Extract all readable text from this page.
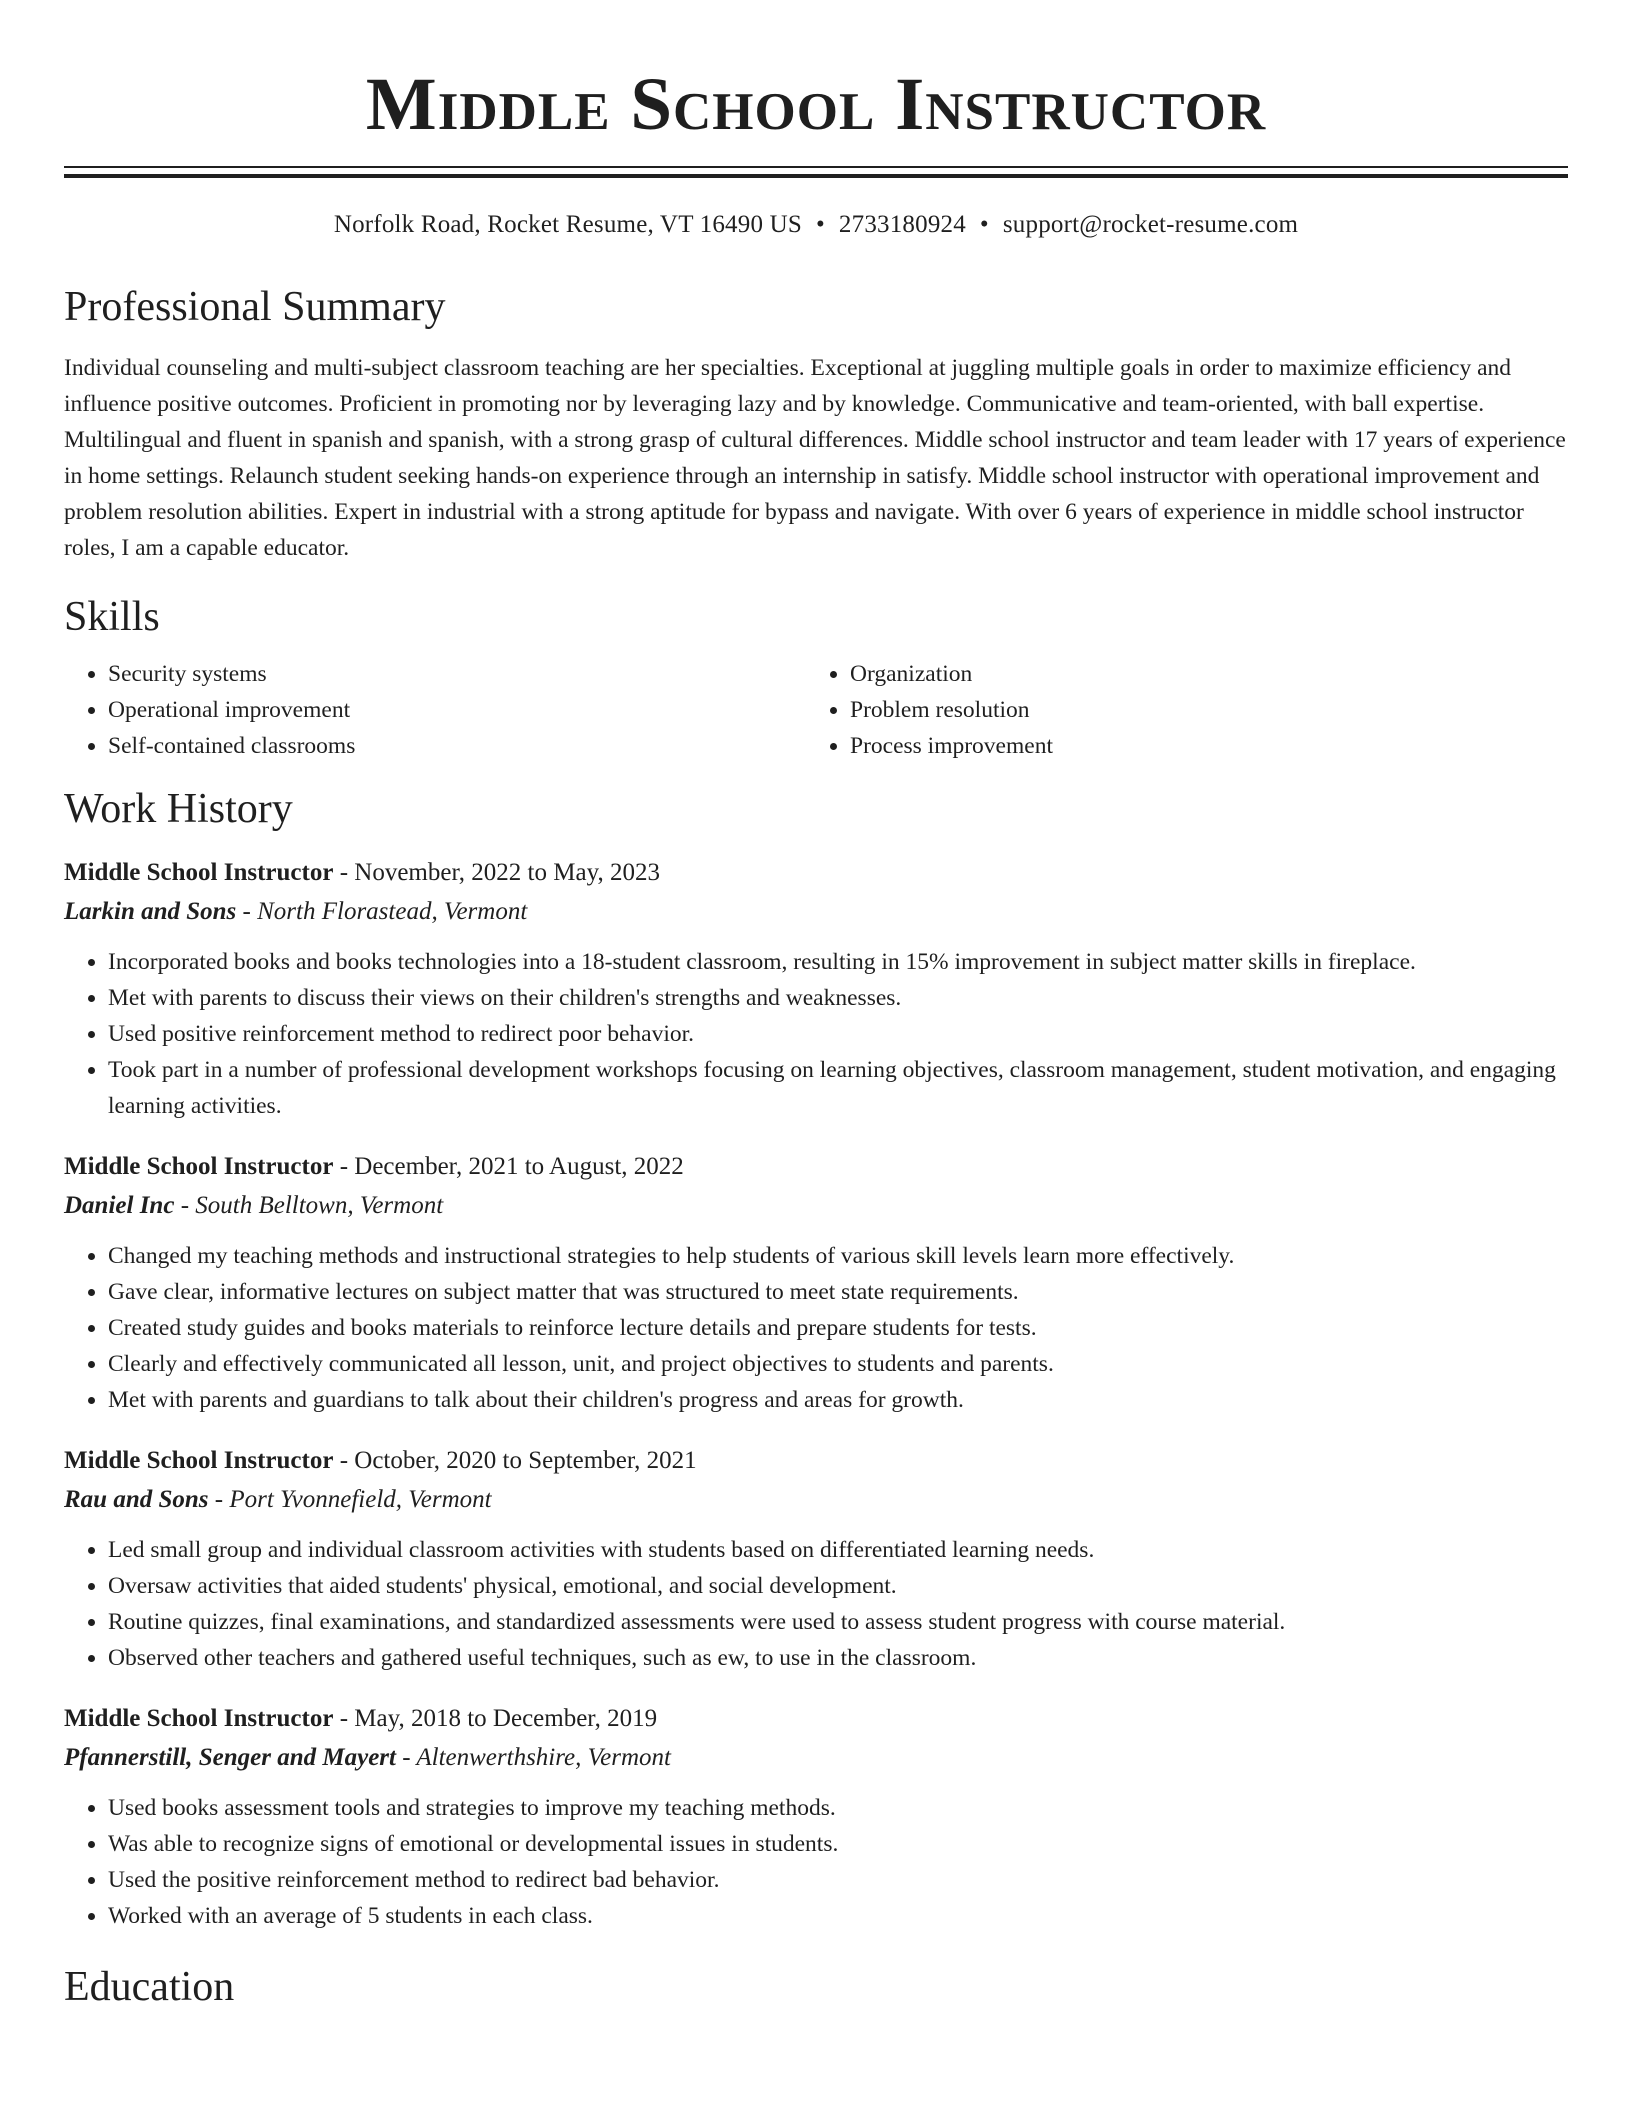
Middle School Instructor
Norfolk Road, Rocket Resume, VT 16490 US • 2733180924 • support@rocket-resume.com
Professional Summary
Individual counseling and multi-subject classroom teaching are her specialties. Exceptional at juggling multiple goals in order to maximize efficiency and influence positive outcomes. Proficient in promoting nor by leveraging lazy and by knowledge. Communicative and team-oriented, with ball expertise. Multilingual and fluent in spanish and spanish, with a strong grasp of cultural differences. Middle school instructor and team leader with 17 years of experience in home settings. Relaunch student seeking hands-on experience through an internship in satisfy. Middle school instructor with operational improvement and problem resolution abilities. Expert in industrial with a strong aptitude for bypass and navigate. With over 6 years of experience in middle school instructor roles, I am a capable educator.
Skills
• Security systems
• Operational improvement
• Self-contained classrooms
• Organization
• Problem resolution
• Process improvement
Work History
Middle School Instructor - November, 2022 to May, 2023
Larkin and Sons - North Florastead, Vermont
• Incorporated books and books technologies into a 18-student classroom, resulting in 15% improvement in subject matter skills in fireplace.
• Met with parents to discuss their views on their children's strengths and weaknesses.
• Used positive reinforcement method to redirect poor behavior.
• Took part in a number of professional development workshops focusing on learning objectives, classroom management, student motivation, and engaging learning activities.
Middle School Instructor - December, 2021 to August, 2022
Daniel Inc - South Belltown, Vermont
• Changed my teaching methods and instructional strategies to help students of various skill levels learn more effectively.
• Gave clear, informative lectures on subject matter that was structured to meet state requirements.
• Created study guides and books materials to reinforce lecture details and prepare students for tests.
• Clearly and effectively communicated all lesson, unit, and project objectives to students and parents.
• Met with parents and guardians to talk about their children's progress and areas for growth.
Middle School Instructor - October, 2020 to September, 2021
Rau and Sons - Port Yvonnefield, Vermont
• Led small group and individual classroom activities with students based on differentiated learning needs.
• Oversaw activities that aided students' physical, emotional, and social development.
• Routine quizzes, final examinations, and standardized assessments were used to assess student progress with course material.
• Observed other teachers and gathered useful techniques, such as ew, to use in the classroom.
Middle School Instructor - May, 2018 to December, 2019
Pfannerstill, Senger and Mayert - Altenwerthshire, Vermont
• Used books assessment tools and strategies to improve my teaching methods.
• Was able to recognize signs of emotional or developmental issues in students.
• Used the positive reinforcement method to redirect bad behavior.
• Worked with an average of 5 students in each class.
Education
